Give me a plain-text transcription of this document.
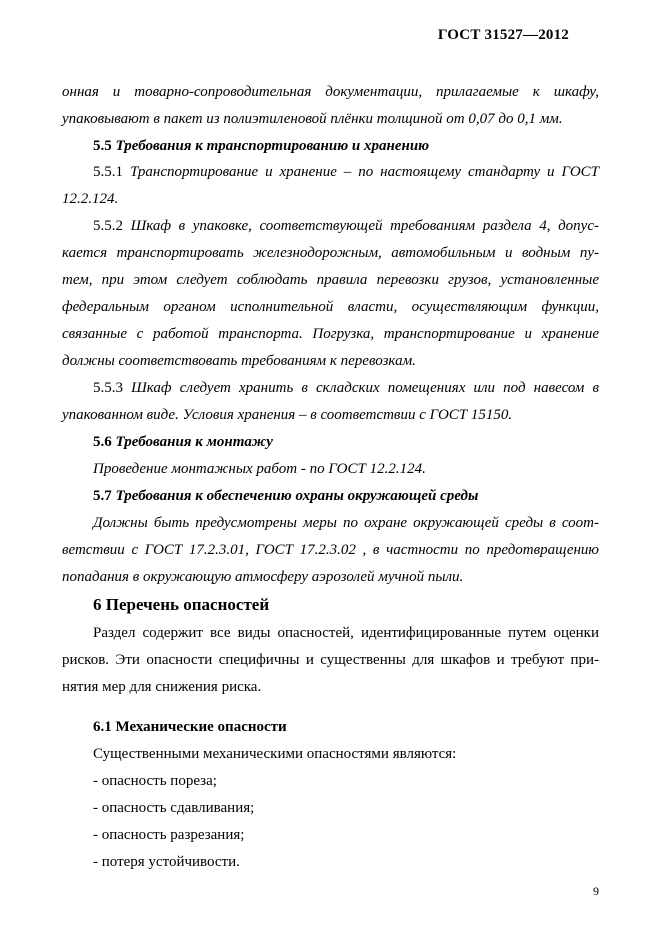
ГОСТ 31527—2012
онная и товарно-сопроводительная документации, прилагаемые к шкафу,
упаковывают в пакет из полиэтиленовой плёнки толщиной от 0,07 до 0,1 мм.
5.5 Требования к транспортированию и хранению
5.5.1 Транспортирование и хранение – по настоящему стандарту и ГОСТ
12.2.124.
5.5.2 Шкаф в упаковке, соответствующей требованиям раздела 4, допус-
кается транспортировать железнодорожным, автомобильным и водным пу-
тем, при этом следует соблюдать правила перевозки грузов, установленные
федеральным органом исполнительной власти, осуществляющим функции,
связанные с работой транспорта. Погрузка, транспортирование и хранение
должны соответствовать требованиям к перевозкам.
5.5.3 Шкаф следует хранить в складских помещениях или под навесом в
упакованном виде. Условия хранения – в соответствии с ГОСТ 15150.
5.6 Требования к монтажу
Проведение монтажных работ - по ГОСТ 12.2.124.
5.7 Требования к обеспечению охраны окружающей среды
Должны быть предусмотрены меры по охране окружающей среды в соот-
ветствии с ГОСТ 17.2.3.01, ГОСТ 17.2.3.02 , в частности по предотвращению
попадания в окружающую атмосферу аэрозолей мучной пыли.
6 Перечень опасностей
Раздел содержит все виды опасностей, идентифицированные путем оценки
рисков. Эти опасности специфичны и существенны для шкафов и требуют при-
нятия мер для снижения риска.
6.1 Механические опасности
Существенными механическими опасностями являются:
- опасность пореза;
- опасность сдавливания;
- опасность разрезания;
- потеря устойчивости.
9
